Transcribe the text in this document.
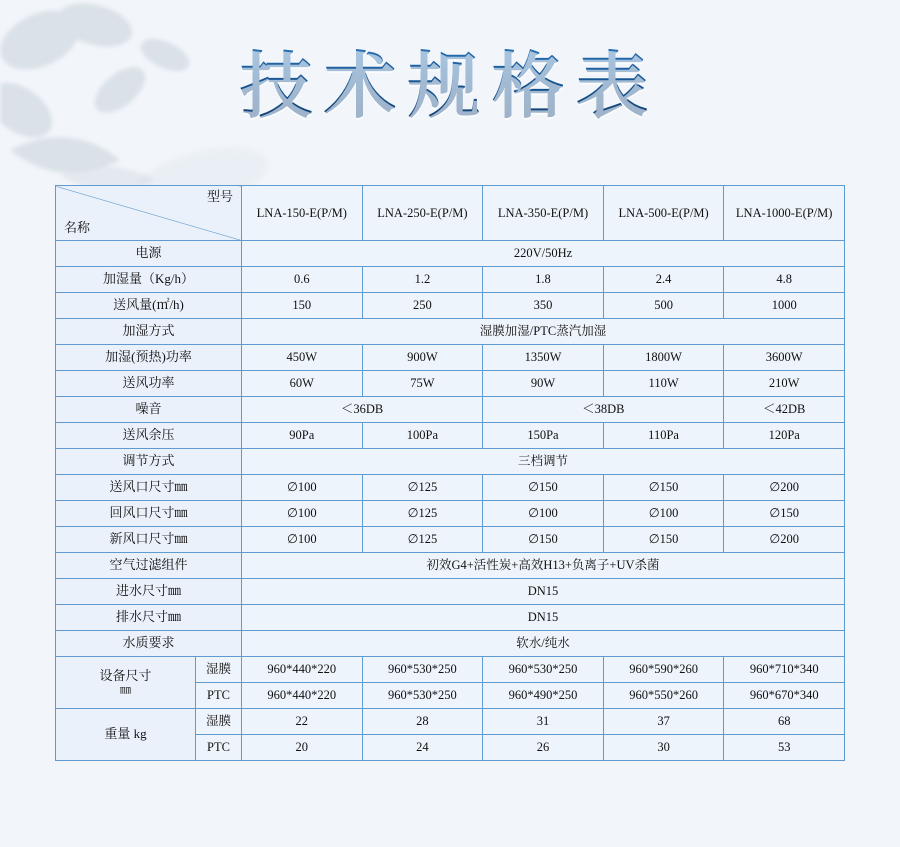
技术规格表
型号
名称		LNA-150-E(P/M)	LNA-250-E(P/M)	LNA-350-E(P/M)	LNA-500-E(P/M)	LNA-1000-E(P/M)
电源		220V/50Hz				
加湿量（Kg/h）		0.6	1.2	1.8	2.4	4.8
送风量(㎡/h)		150	250	350	500	1000
加湿方式		湿膜加湿/PTC蒸汽加湿				
加湿(预热)功率		450W	900W	1350W	1800W	3600W
送风功率		60W	75W	90W	110W	210W
噪音		＜36DB		＜38DB		＜42DB
送风余压		90Pa	100Pa	150Pa	110Pa	120Pa
调节方式		三档调节				
送风口尺寸㎜		∅100	∅125	∅150	∅150	∅200
回风口尺寸㎜		∅100	∅125	∅100	∅100	∅150
新风口尺寸㎜		∅100	∅125	∅150	∅150	∅200
空气过滤组件		初效G4+活性炭+高效H13+负离子+UV杀菌				
进水尺寸㎜		DN15				
排水尺寸㎜		DN15				
水质要求		软水/纯水				

设备尺寸
㎜	湿膜	960*440*220	960*530*250	960*530*250	960*590*260	960*710*340
	PTC	960*440*220	960*530*250	960*490*250	960*550*260	960*670*340
重量 kg	湿膜	22	28	31	37	68
	PTC	20	24	26	30	53
